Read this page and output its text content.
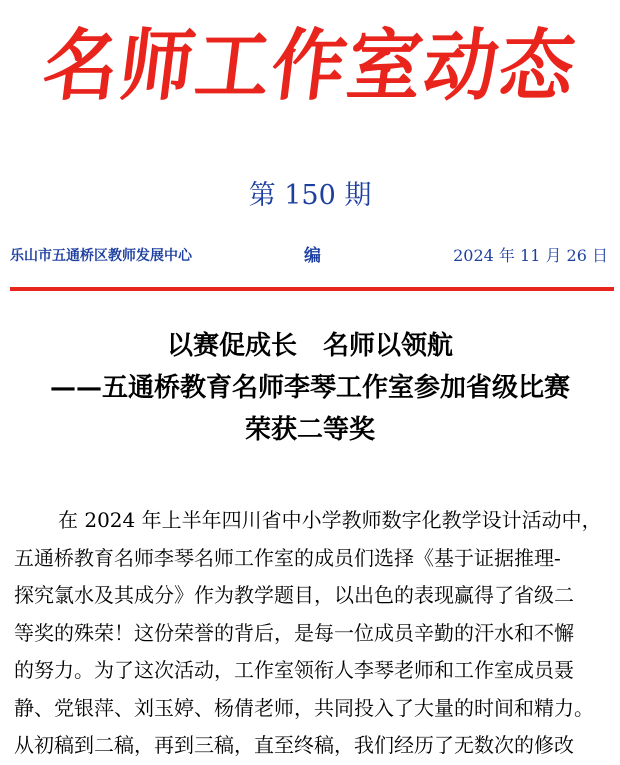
名师工作室动态
第 150 期
乐山市五通桥区教师发展中心	编	2024 年 11 月 26 日
以赛促成长　名师以领航
——五通桥教育名师李琴工作室参加省级比赛
荣获二等奖
在 2024 年上半年四川省中小学教师数字化教学设计活动中，
五通桥教育名师李琴名师工作室的成员们选择《基于证据推理-
探究氯水及其成分》作为教学题目，以出色的表现赢得了省级二
等奖的殊荣！这份荣誉的背后，是每一位成员辛勤的汗水和不懈
的努力。为了这次活动，工作室领衔人李琴老师和工作室成员聂
静、党银萍、刘玉婷、杨倩老师，共同投入了大量的时间和精力。
从初稿到二稿，再到三稿，直至终稿，我们经历了无数次的修改
